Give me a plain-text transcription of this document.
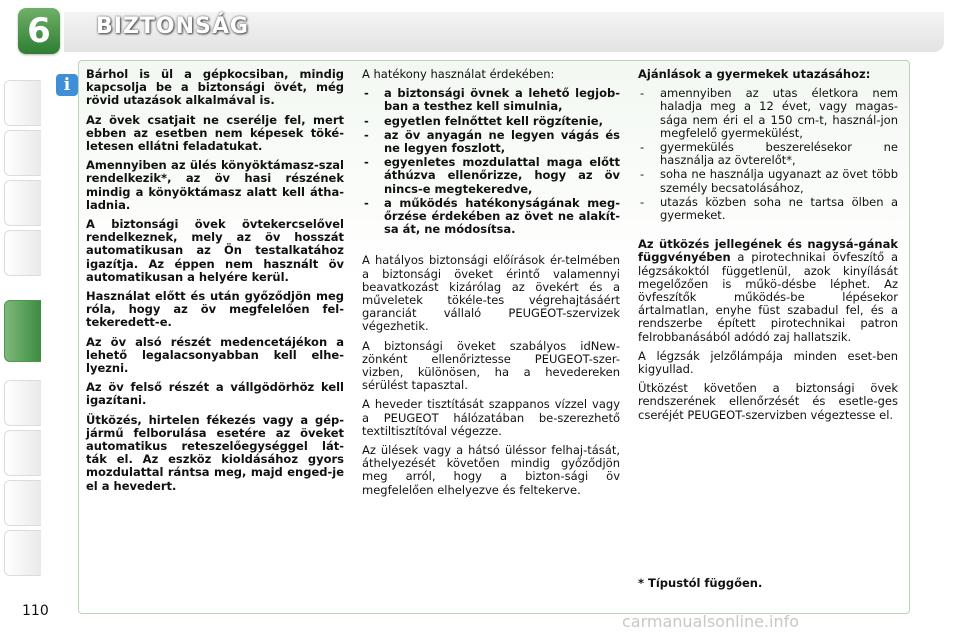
6	BIZTONSÁG
i

Bárhol is ül a gépkocsiban, mindig kapcsolja be a biztonsági övét, még rövid utazások alkalmával is.

Az övek csatjait ne cserélje fel, mert ebben az esetben nem képesek töké-letesen ellátni feladatukat.

Amennyiben az ülés könyöktámasz-szal rendelkezik*, az öv hasi részének mindig a könyöktámasz alatt kell átha-ladnia.

A biztonsági övek övtekercselővel rendelkeznek, mely az öv hosszát automatikusan az Ön testalkatához igazítja. Az éppen nem használt öv automatikusan a helyére kerül.

Használat előtt és után győződjön meg róla, hogy az öv megfelelően fel-tekeredett-e.

Az öv alsó részét medencetájékon a lehető legalacsonyabban kell elhe-lyezni.

Az öv felső részét a vállgödörhöz kell igazítani.

Ütközés, hirtelen fékezés vagy a gép-jármű felborulása esetére az öveket automatikus reteszelőegységgel lát-ták el. Az eszköz kioldásához gyors mozdulattal rántsa meg, majd enged-je el a hevedert.

A hatékony használat érdekében:

- a biztonsági övnek a lehető legjob-ban a testhez kell simulnia,
- egyetlen felnőttet kell rögzítenie,
- az öv anyagán ne legyen vágás és ne legyen foszlott,
- egyenletes mozdulattal maga előtt áthúzva ellenőrizze, hogy az öv nincs-e megtekeredve,
- a működés hatékonyságának meg-őrzése érdekében az övet ne alakít-sa át, ne módosítsa.

A hatályos biztonsági előírások ér-telmében a biztonsági öveket érintő valamennyi beavatkozást kizárólag az övekért és a műveletek tökéle-tes végrehajtásáért garanciát vállaló PEUGEOT-szervizek végezhetik.

A biztonsági öveket szabályos idNew-zönként ellenőriztesse PEUGEOT-szer-vizben, különösen, ha a hevedereken sérülést tapasztal.

A heveder tisztítását szappanos vízzel vagy a PEUGEOT hálózatában be-szerezhető textiltisztítóval végezze.

Az ülések vagy a hátsó üléssor felhaj-tását, áthelyezését követően mindig győződjön meg arról, hogy a bizton-sági öv megfelelően elhelyezve és feltekerve.

Ajánlások a gyermekek utazásához:

- amennyiben az utas életkora nem haladja meg a 12 évet, vagy magas-sága nem éri el a 150 cm-t, használ-jon megfelelő gyermekülést,
- gyermekülés beszerelésekor ne használja az övterelőt*,
- soha ne használja ugyanazt az övet több személy becsatolásához,
- utazás közben soha ne tartsa ölben a gyermeket.

Az ütközés jellegének és nagysá-gának függvényében a pirotechnikai övfeszítő a légzsákoktól függetlenül, azok kinyílását megelőzően is műkö-désbe léphet. Az övfeszítők működés-be lépésekor ártalmatlan, enyhe füst szabadul fel, és a rendszerbe épített pirotechnikai patron felrobbanásából adódó zaj hallatszik.

A légzsák jelzőlámpája minden eset-ben kigyullad.

Ütközést követően a biztonsági övek rendszerének ellenőrzését és esetle-ges cseréjét PEUGEOT-szervizben végeztesse el.

* Típustól függően.
110
carmanualsonline.info
